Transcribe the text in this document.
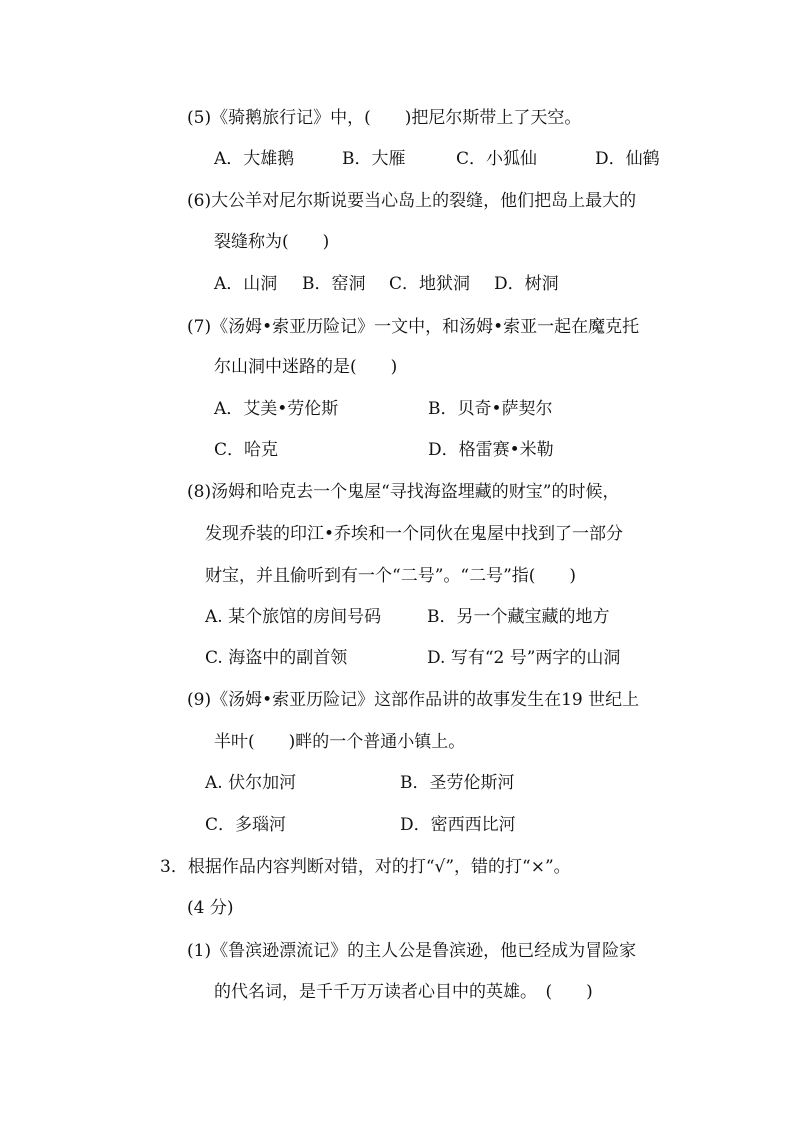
(5)《骑鹅旅行记》中，(　　)把尼尔斯带上了天空。
A．大雄鹅	B．大雁	C．小狐仙	D．仙鹤
(6)大公羊对尼尔斯说要当心岛上的裂缝，他们把岛上最大的
裂缝称为(　　)
A．山洞 B．窑洞 C．地狱洞 D．树洞
(7)《汤姆•索亚历险记》一文中，和汤姆•索亚一起在魔克托
尔山洞中迷路的是(　　)
A．艾美•劳伦斯	B．贝奇•萨契尔
C．哈克	D．格雷赛•米勒
(8)汤姆和哈克去一个鬼屋“寻找海盗埋藏的财宝”的时候，
发现乔装的印江•乔埃和一个同伙在鬼屋中找到了一部分
财宝，并且偷听到有一个“二号”。“二号”指(　　)
A. 某个旅馆的房间号码	B．另一个藏宝藏的地方
C. 海盗中的副首领	D. 写有“2 号”两字的山洞
(9)《汤姆•索亚历险记》这部作品讲的故事发生在19 世纪上
半叶(　　)畔的一个普通小镇上。
A. 伏尔加河	B．圣劳伦斯河
C．多瑙河	D．密西西比河
3．根据作品内容判断对错，对的打“√”，错的打“×”。
(4 分)
(1)《鲁滨逊漂流记》的主人公是鲁滨逊，他已经成为冒险家
的代名词，是千千万万读者心目中的英雄。　(　　)
